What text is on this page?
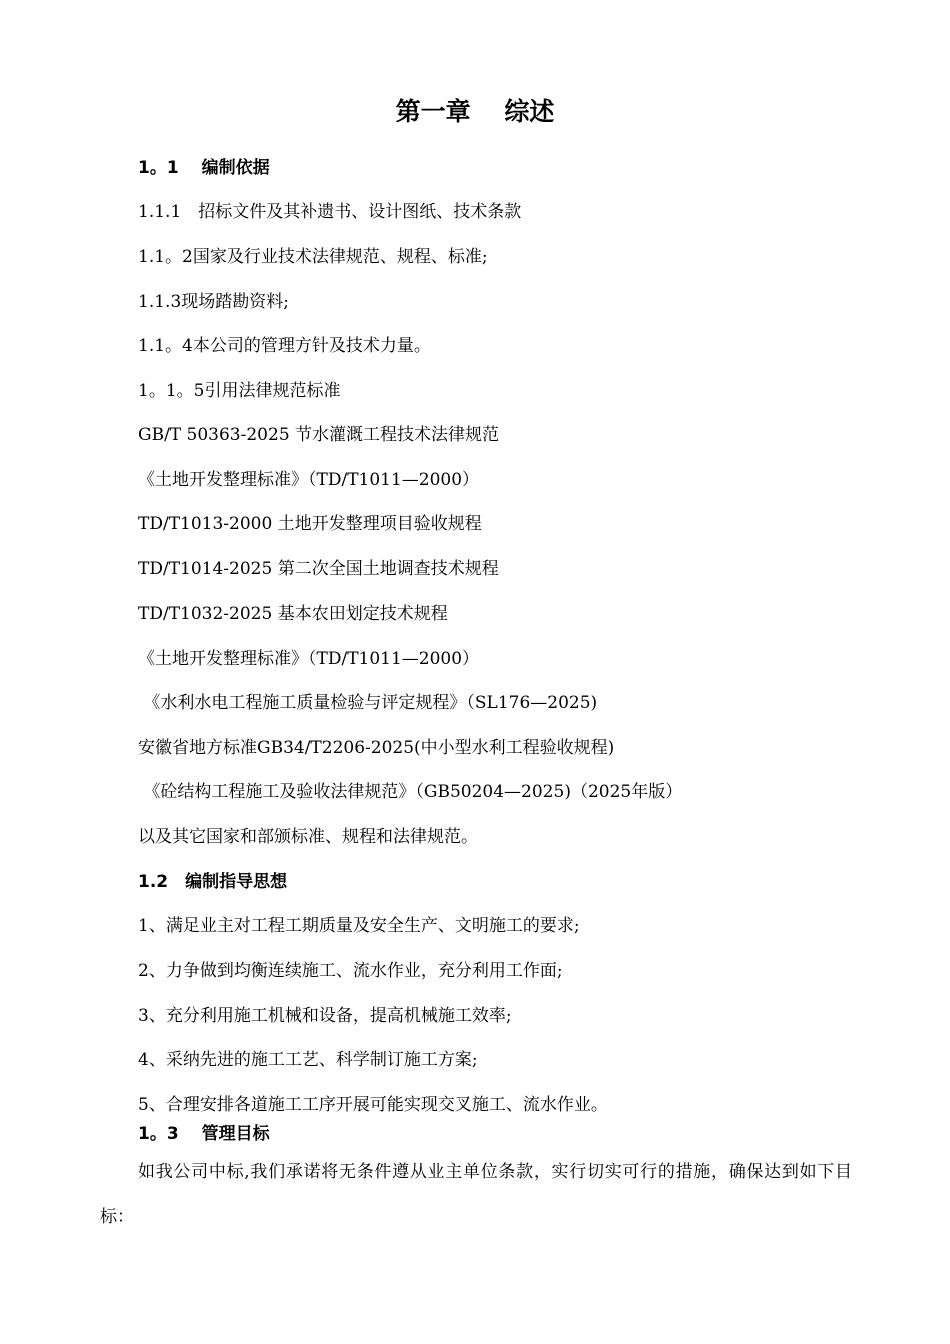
第一章　 综述
1。1　 编制依据
1.1.1　招标文件及其补遗书、设计图纸、技术条款
1.1。2国家及行业技术法律规范、规程、标准;
1.1.3现场踏勘资料;
1.1。4本公司的管理方针及技术力量。
1。1。5引用法律规范标准
GB/T 50363-2025 节水灌溉工程技术法律规范
《土地开发整理标准》（TD/T1011—2000）
TD/T1013-2000 土地开发整理项目验收规程
TD/T1014-2025 第二次全国土地调查技术规程
TD/T1032-2025 基本农田划定技术规程
《土地开发整理标准》（TD/T1011—2000）
《水利水电工程施工质量检验与评定规程》（SL176—2025)
安徽省地方标准GB34/T2206-2025(中小型水利工程验收规程)
《砼结构工程施工及验收法律规范》（GB50204—2025)（2025年版）
以及其它国家和部颁标准、规程和法律规范。
1.2　编制指导思想
1、满足业主对工程工期质量及安全生产、文明施工的要求;
2、力争做到均衡连续施工、流水作业，充分利用工作面;
3、充分利用施工机械和设备，提高机械施工效率;
4、采纳先进的施工工艺、科学制订施工方案;
5、合理安排各道施工工序开展可能实现交叉施工、流水作业。
1。3　 管理目标
如我公司中标,我们承诺将无条件遵从业主单位条款，实行切实可行的措施，确保达到如下目标：
